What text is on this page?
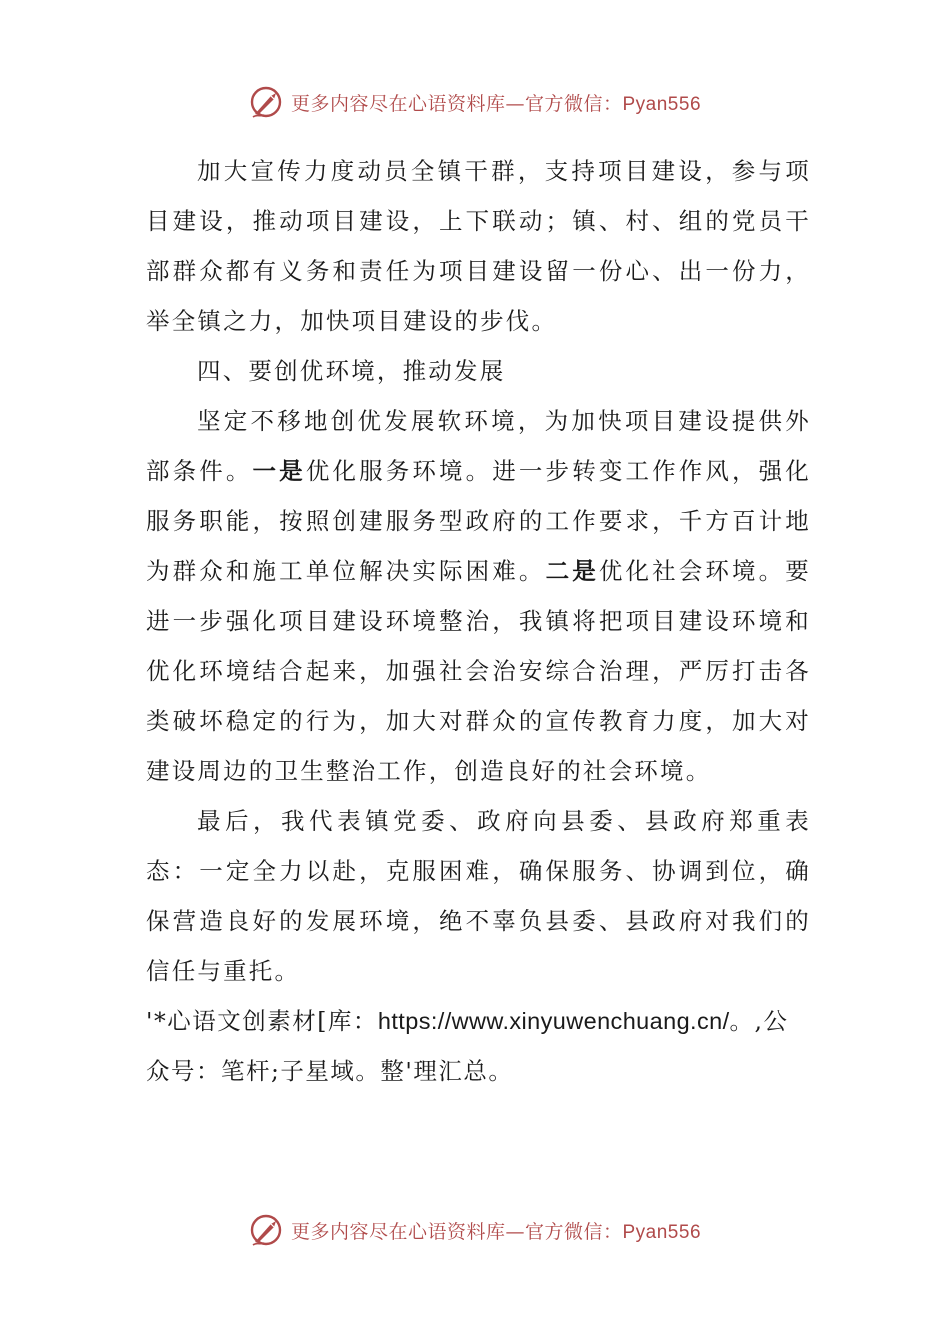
更多内容尽在心语资料库—官方微信：Pyan556

加大宣传力度动员全镇干群，支持项目建设，参与项目建设，推动项目建设，上下联动；镇、村、组的党员干部群众都有义务和责任为项目建设留一份心、出一份力，举全镇之力，加快项目建设的步伐。

四、要创优环境，推动发展

坚定不移地创优发展软环境，为加快项目建设提供外部条件。一是优化服务环境。进一步转变工作作风，强化服务职能，按照创建服务型政府的工作要求，千方百计地为群众和施工单位解决实际困难。二是优化社会环境。要进一步强化项目建设环境整治，我镇将把项目建设环境和优化环境结合起来，加强社会治安综合治理，严厉打击各类破坏稳定的行为，加大对群众的宣传教育力度，加大对建设周边的卫生整治工作，创造良好的社会环境。

最后，我代表镇党委、政府向县委、县政府郑重表态：一定全力以赴，克服困难，确保服务、协调到位，确保营造良好的发展环境，绝不辜负县委、县政府对我们的信任与重托。

'*心语文创素材[库：https://www.xinyuwenchuang.cn/。,公众号：笔杆;子星域。整'理汇总。

更多内容尽在心语资料库—官方微信：Pyan556
